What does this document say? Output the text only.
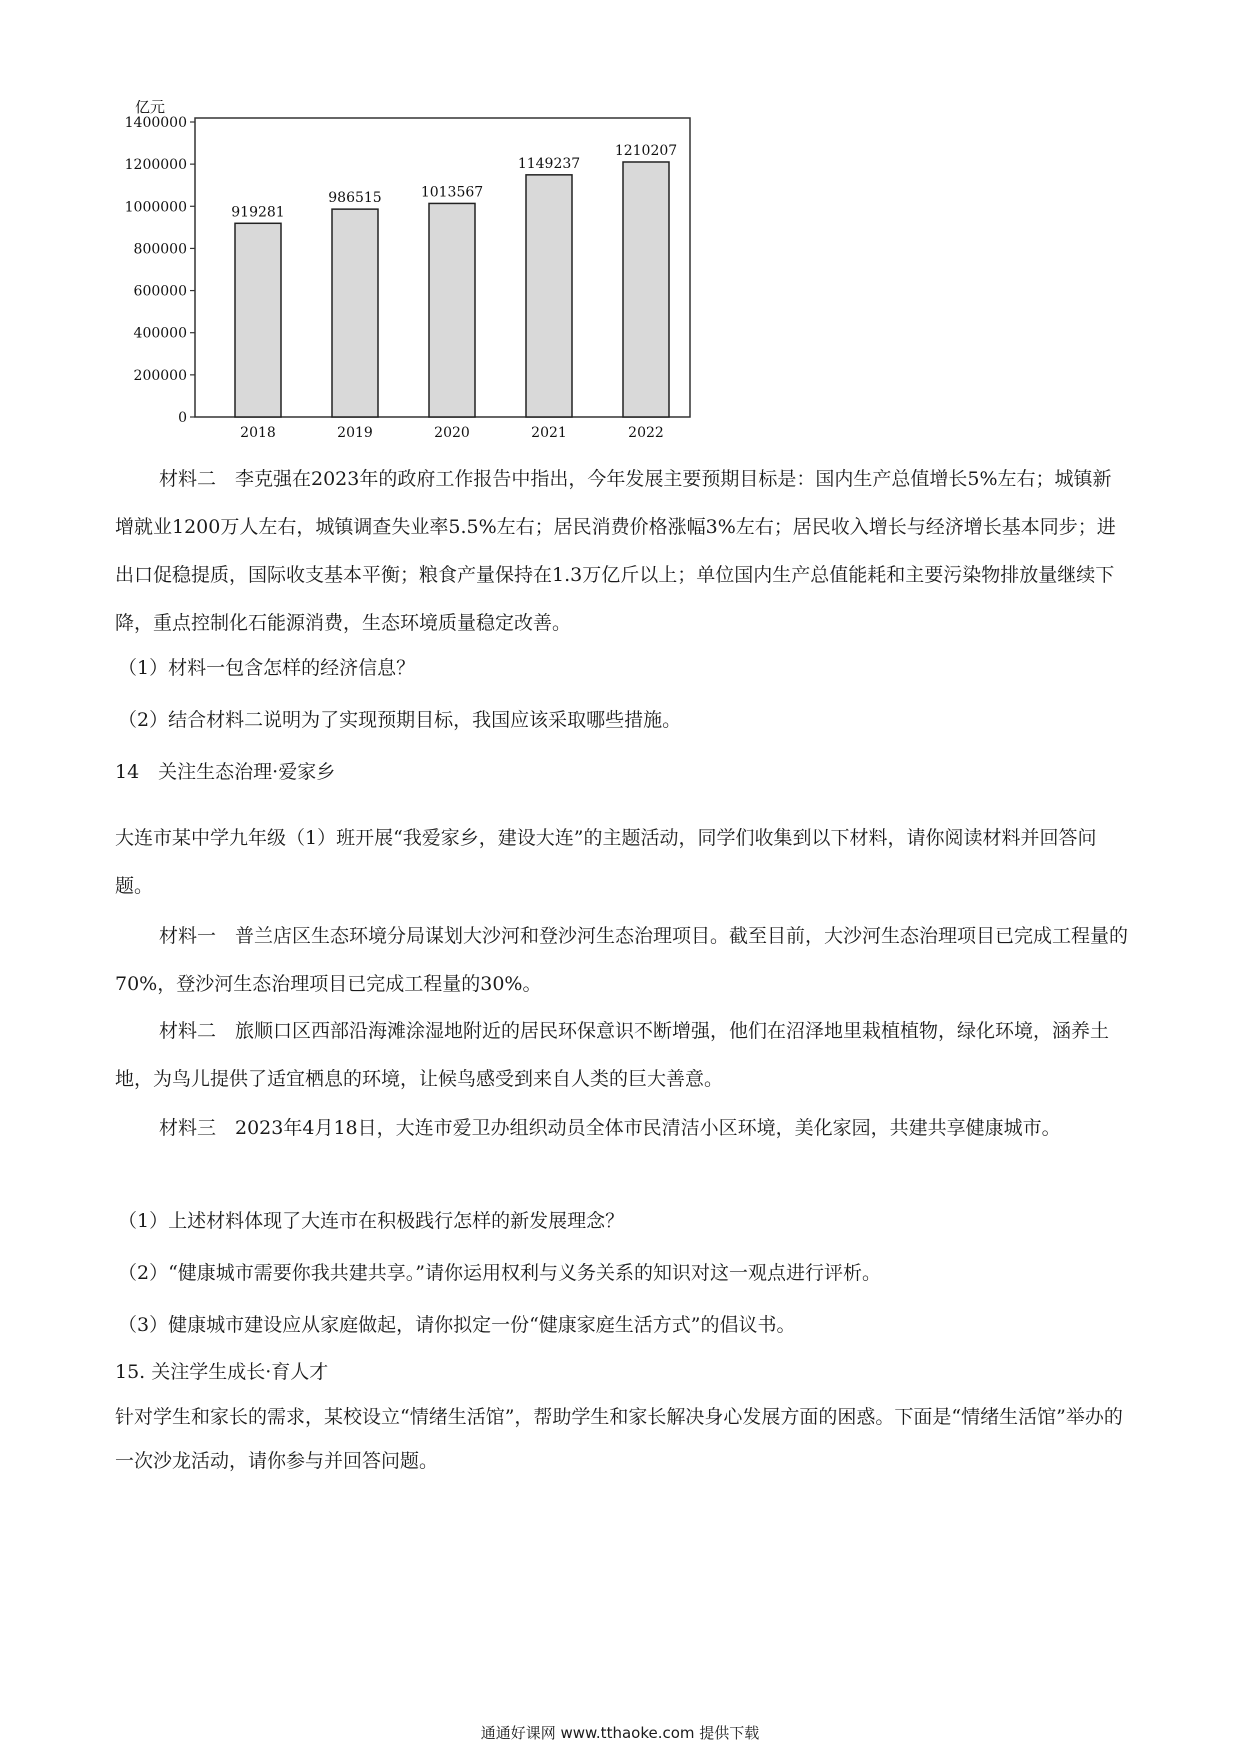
亿元
0
200000
400000
600000
800000
1000000
1200000
1400000
919281
2018
986515
2019
1013567
2020
1149237
2021
1210207
2022

材料二　李克强在2023年的政府工作报告中指出，今年发展主要预期目标是：国内生产总值增长5%左右；城镇新增就业1200万人左右，城镇调查失业率5.5%左右；居民消费价格涨幅3%左右；居民收入增长与经济增长基本同步；进出口促稳提质，国际收支基本平衡；粮食产量保持在1.3万亿斤以上；单位国内生产总值能耗和主要污染物排放量继续下降，重点控制化石能源消费，生态环境质量稳定改善。

（1）材料一包含怎样的经济信息？

（2）结合材料二说明为了实现预期目标，我国应该采取哪些措施。

14　关注生态治理·爱家乡

大连市某中学九年级（1）班开展“我爱家乡，建设大连”的主题活动，同学们收集到以下材料，请你阅读材料并回答问题。

材料一　普兰店区生态环境分局谋划大沙河和登沙河生态治理项目。截至目前，大沙河生态治理项目已完成工程量的70%，登沙河生态治理项目已完成工程量的30%。

材料二　旅顺口区西部沿海滩涂湿地附近的居民环保意识不断增强，他们在沼泽地里栽植植物，绿化环境，涵养土地，为鸟儿提供了适宜栖息的环境，让候鸟感受到来自人类的巨大善意。

材料三　2023年4月18日，大连市爱卫办组织动员全体市民清洁小区环境，美化家园，共建共享健康城市。

（1）上述材料体现了大连市在积极践行怎样的新发展理念？

（2）“健康城市需要你我共建共享。”请你运用权利与义务关系的知识对这一观点进行评析。

（3）健康城市建设应从家庭做起，请你拟定一份“健康家庭生活方式”的倡议书。

15. 关注学生成长·育人才

针对学生和家长的需求，某校设立“情绪生活馆”，帮助学生和家长解决身心发展方面的困惑。下面是“情绪生活馆”举办的一次沙龙活动，请你参与并回答问题。

通通好课网 www.tthaoke.com 提供下载
